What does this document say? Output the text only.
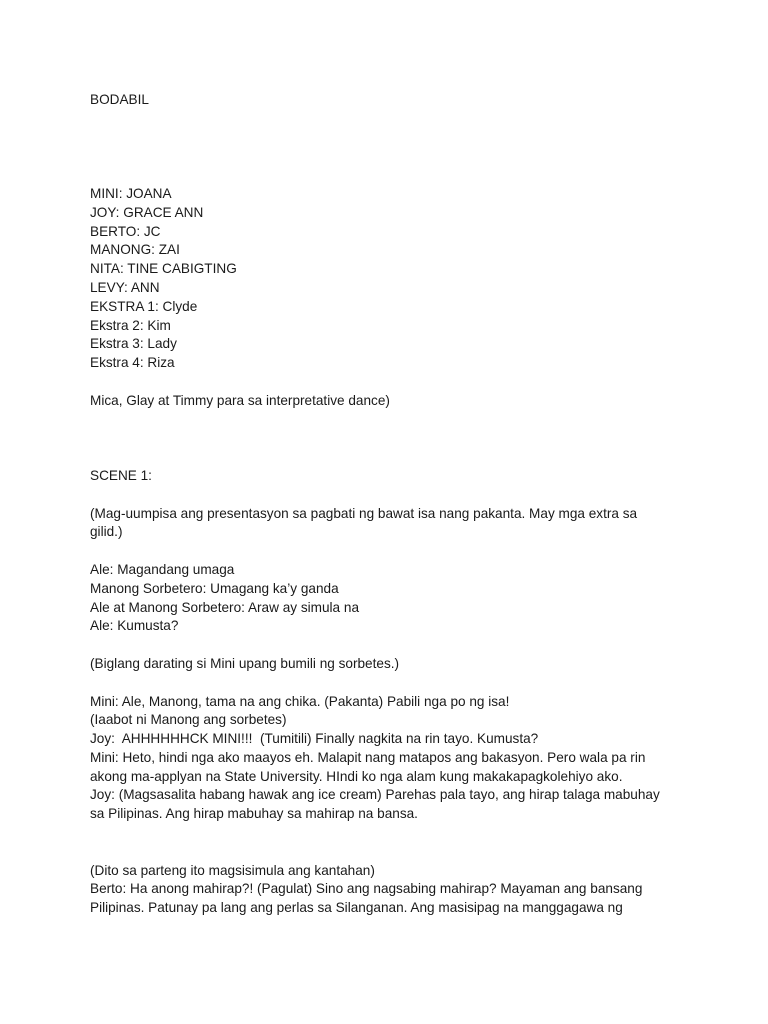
BODABIL
MINI: JOANA
JOY: GRACE ANN
BERTO: JC
MANONG: ZAI
NITA: TINE CABIGTING
LEVY: ANN
EKSTRA 1: Clyde
Ekstra 2: Kim
Ekstra 3: Lady
Ekstra 4: Riza
Mica, Glay at Timmy para sa interpretative dance)
SCENE 1:
(Mag-uumpisa ang presentasyon sa pagbati ng bawat isa nang pakanta. May mga extra sa
gilid.)
Ale: Magandang umaga
Manong Sorbetero: Umagang ka’y ganda
Ale at Manong Sorbetero: Araw ay simula na
Ale: Kumusta?
(Biglang darating si Mini upang bumili ng sorbetes.)
Mini: Ale, Manong, tama na ang chika. (Pakanta) Pabili nga po ng isa!
(Iaabot ni Manong ang sorbetes)
Joy:  AHHHHHHCK MINI!!!  (Tumitili) Finally nagkita na rin tayo. Kumusta?
Mini: Heto, hindi nga ako maayos eh. Malapit nang matapos ang bakasyon. Pero wala pa rin
akong ma-applyan na State University. HIndi ko nga alam kung makakapagkolehiyo ako.
Joy: (Magsasalita habang hawak ang ice cream) Parehas pala tayo, ang hirap talaga mabuhay
sa Pilipinas. Ang hirap mabuhay sa mahirap na bansa.
(Dito sa parteng ito magsisimula ang kantahan)
Berto: Ha anong mahirap?! (Pagulat) Sino ang nagsabing mahirap? Mayaman ang bansang
Pilipinas. Patunay pa lang ang perlas sa Silanganan. Ang masisipag na manggagawa ng
